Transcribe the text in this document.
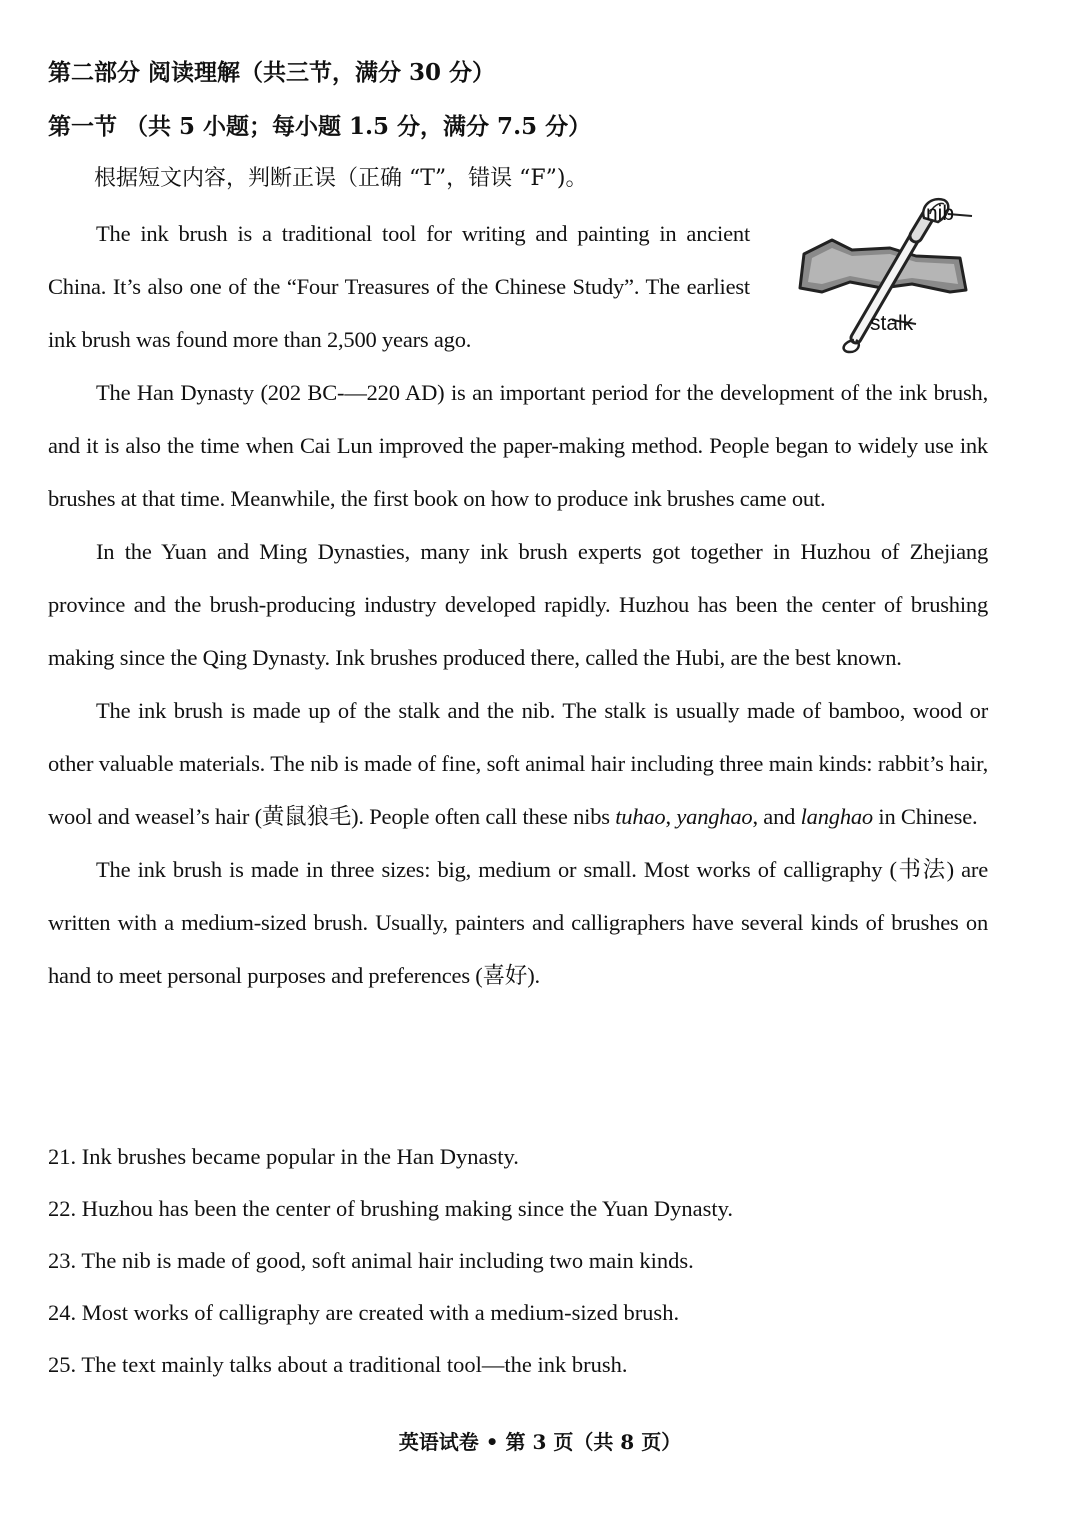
第二部分 阅读理解（共三节，满分 30 分）
第一节 （共 5 小题；每小题 1.5 分，满分 7.5 分）
根据短文内容，判断正误（正确 “T”，错误 “F”)。
nib
stalk

The ink brush is a traditional tool for writing and painting in ancient China. It’s also one of the “Four Treasures of the Chinese Study”. The earliest ink brush was found more than 2,500 years ago.

The Han Dynasty (202 BC-—220 AD) is an important period for the development of the ink brush, and it is also the time when Cai Lun improved the paper-making method. People began to widely use ink brushes at that time. Meanwhile, the first book on how to produce ink brushes came out.

In the Yuan and Ming Dynasties, many ink brush experts got together in Huzhou of Zhejiang province and the brush-producing industry developed rapidly. Huzhou has been the center of brushing making since the Qing Dynasty. Ink brushes produced there, called the Hubi, are the best known.

The ink brush is made up of the stalk and the nib. The stalk is usually made of bamboo, wood or other valuable materials. The nib is made of fine, soft animal hair including three main kinds: rabbit’s hair, wool and weasel’s hair (黄鼠狼毛). People often call these nibs tuhao, yanghao, and langhao in Chinese.

The ink brush is made in three sizes: big, medium or small. Most works of calligraphy (书法) are written with a medium-sized brush. Usually, painters and calligraphers have several kinds of brushes on hand to meet personal purposes and preferences (喜好).

21. Ink brushes became popular in the Han Dynasty.
22. Huzhou has been the center of brushing making since the Yuan Dynasty.
23. The nib is made of good, soft animal hair including two main kinds.
24. Most works of calligraphy are created with a medium-sized brush.
25. The text mainly talks about a traditional tool—the ink brush.
英语试卷 • 第 3 页（共 8 页）
